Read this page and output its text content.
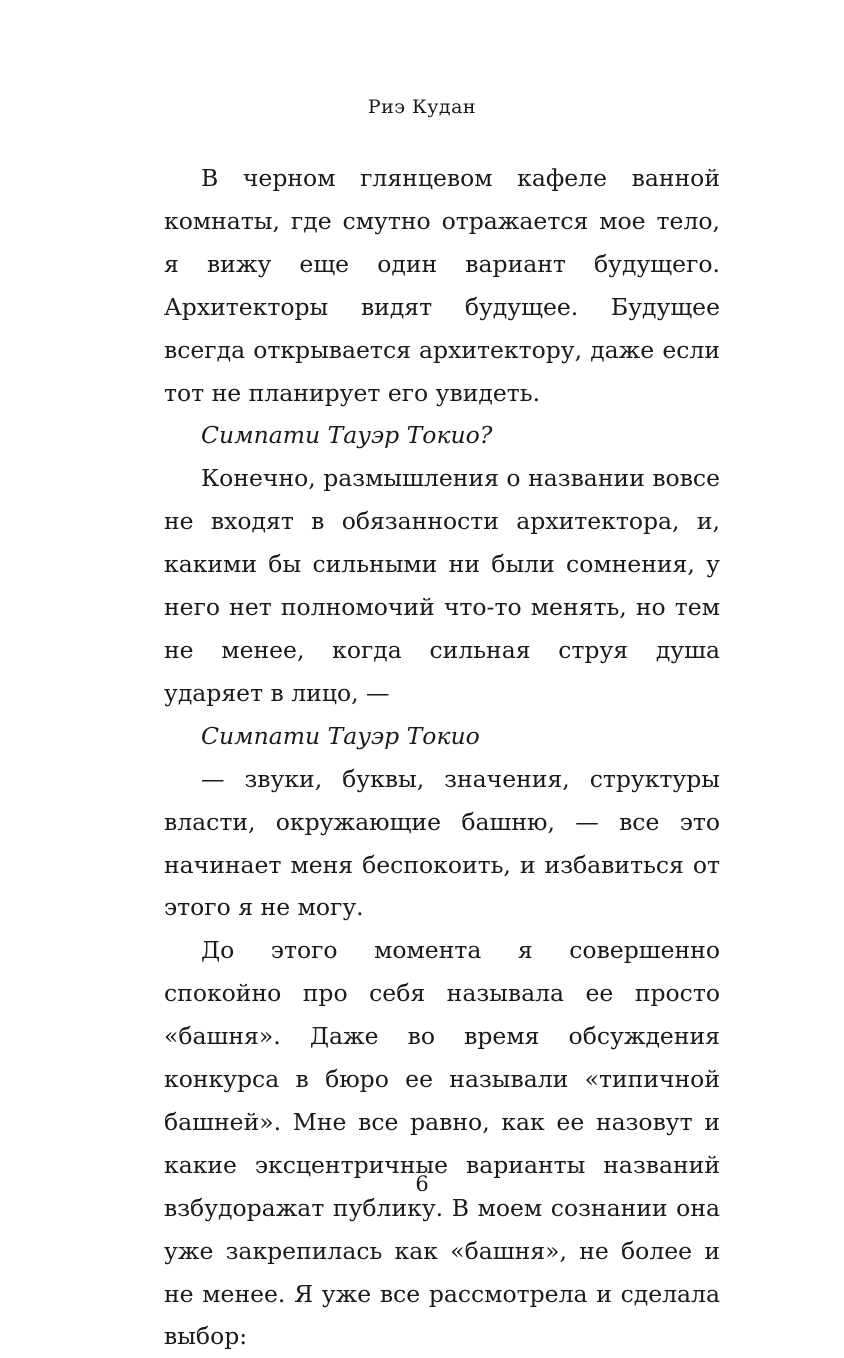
Риэ Кудан

В черном глянцевом кафеле ванной комнаты, где смутно отражается мое тело, я вижу еще один вариант будущего. Архитекторы видят будущее. Будущее всегда открывается архитектору, даже если тот не планирует его увидеть.

Симпати Тауэр Токио?

Конечно, размышления о названии вовсе не входят в обязанности архитектора, и, какими бы сильными ни были сомнения, у него нет полномочий что-то менять, но тем не менее, когда сильная струя душа ударяет в лицо, —

Симпати Тауэр Токио

— звуки, буквы, значения, структуры власти, окружающие башню, — все это начинает меня беспокоить, и избавиться от этого я не могу.

До этого момента я совершенно спокойно про себя называла ее просто «башня». Даже во время обсуждения конкурса в бюро ее называли «типичной башней». Мне все равно, как ее назовут и какие эксцентричные варианты названий взбудоражат публику. В моем сознании она уже закрепилась как «башня», не более и не менее. Я уже все рассмотрела и сделала выбор:

6
